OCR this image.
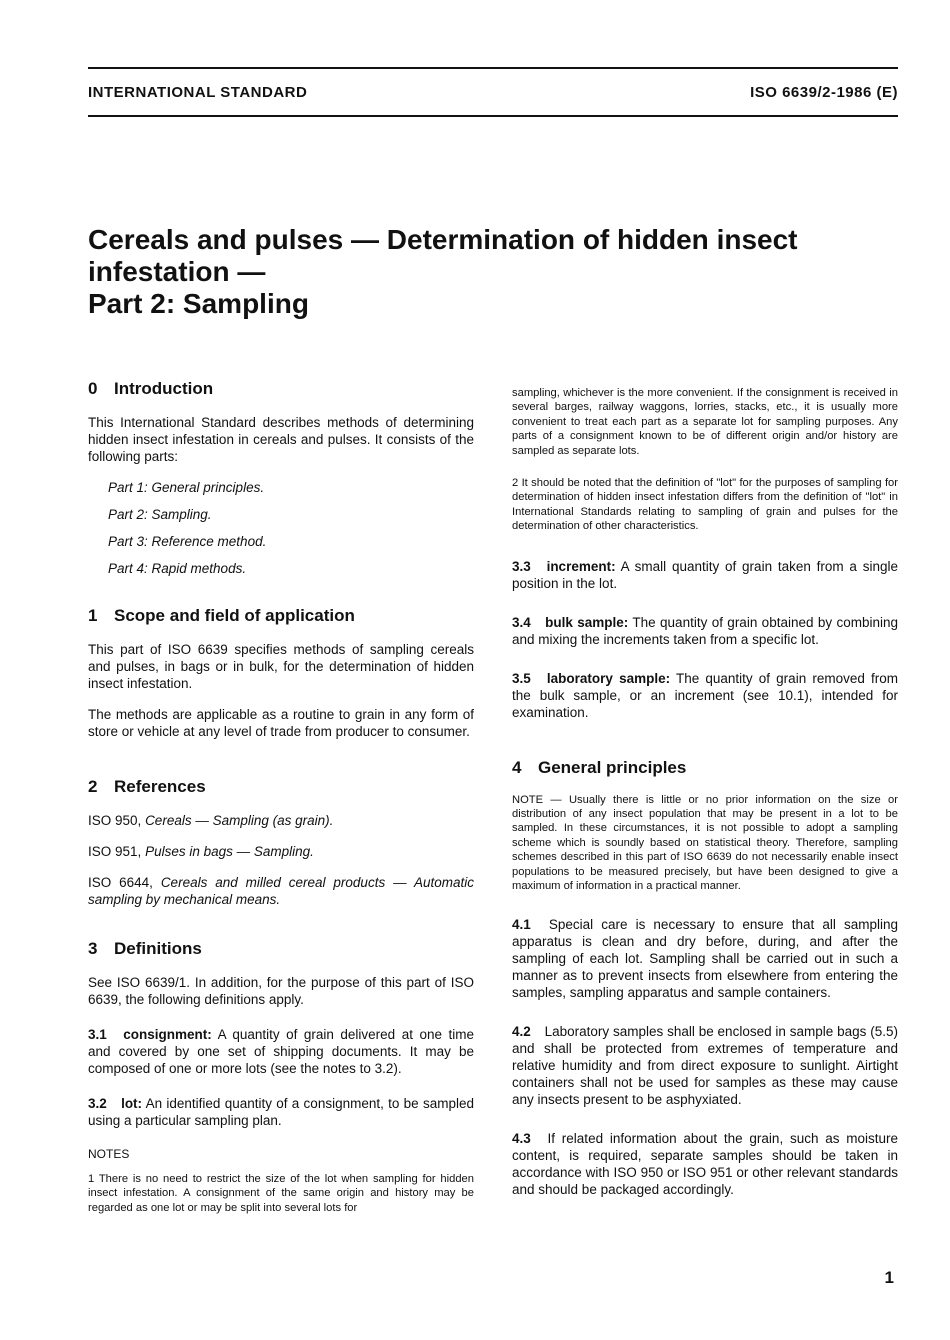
INTERNATIONAL STANDARD	ISO 6639/2-1986 (E)
Cereals and pulses — Determination of hidden insect
infestation —
Part 2: Sampling
0 Introduction

This International Standard describes methods of determining hidden insect infestation in cereals and pulses. It consists of the following parts:

Part 1: General principles.
Part 2: Sampling.
Part 3: Reference method.
Part 4: Rapid methods.
1 Scope and field of application

This part of ISO 6639 specifies methods of sampling cereals and pulses, in bags or in bulk, for the determination of hidden insect infestation.

The methods are applicable as a routine to grain in any form of store or vehicle at any level of trade from producer to consumer.

2 References

ISO 950, Cereals — Sampling (as grain).

ISO 951, Pulses in bags — Sampling.

ISO 6644, Cereals and milled cereal products — Automatic sampling by mechanical means.

3 Definitions

See ISO 6639/1. In addition, for the purpose of this part of ISO 6639, the following definitions apply.

3.1 consignment: A quantity of grain delivered at one time and covered by one set of shipping documents. It may be composed of one or more lots (see the notes to 3.2).

3.2 lot: An identified quantity of a consignment, to be sampled using a particular sampling plan.

NOTES

1 There is no need to restrict the size of the lot when sampling for hidden insect infestation. A consignment of the same origin and history may be regarded as one lot or may be split into several lots for

sampling, whichever is the more convenient. If the consignment is received in several barges, railway waggons, lorries, stacks, etc., it is usually more convenient to treat each part as a separate lot for sampling purposes. Any parts of a consignment known to be of different origin and/or history are sampled as separate lots.

2 It should be noted that the definition of "lot" for the purposes of sampling for determination of hidden insect infestation differs from the definition of "lot" in International Standards relating to sampling of grain and pulses for the determination of other characteristics.

3.3 increment: A small quantity of grain taken from a single position in the lot.

3.4 bulk sample: The quantity of grain obtained by combining and mixing the increments taken from a specific lot.

3.5 laboratory sample: The quantity of grain removed from the bulk sample, or an increment (see 10.1), intended for examination.

4 General principles

NOTE — Usually there is little or no prior information on the size or distribution of any insect population that may be present in a lot to be sampled. In these circumstances, it is not possible to adopt a sampling scheme which is soundly based on statistical theory. Therefore, sampling schemes described in this part of ISO 6639 do not necessarily enable insect populations to be measured precisely, but have been designed to give a maximum of information in a practical manner.

4.1 Special care is necessary to ensure that all sampling apparatus is clean and dry before, during, and after the sampling of each lot. Sampling shall be carried out in such a manner as to prevent insects from elsewhere from entering the samples, sampling apparatus and sample containers.

4.2 Laboratory samples shall be enclosed in sample bags (5.5) and shall be protected from extremes of temperature and relative humidity and from direct exposure to sunlight. Airtight containers shall not be used for samples as these may cause any insects present to be asphyxiated.

4.3 If related information about the grain, such as moisture content, is required, separate samples should be taken in accordance with ISO 950 or ISO 951 or other relevant standards and should be packaged accordingly.

1
